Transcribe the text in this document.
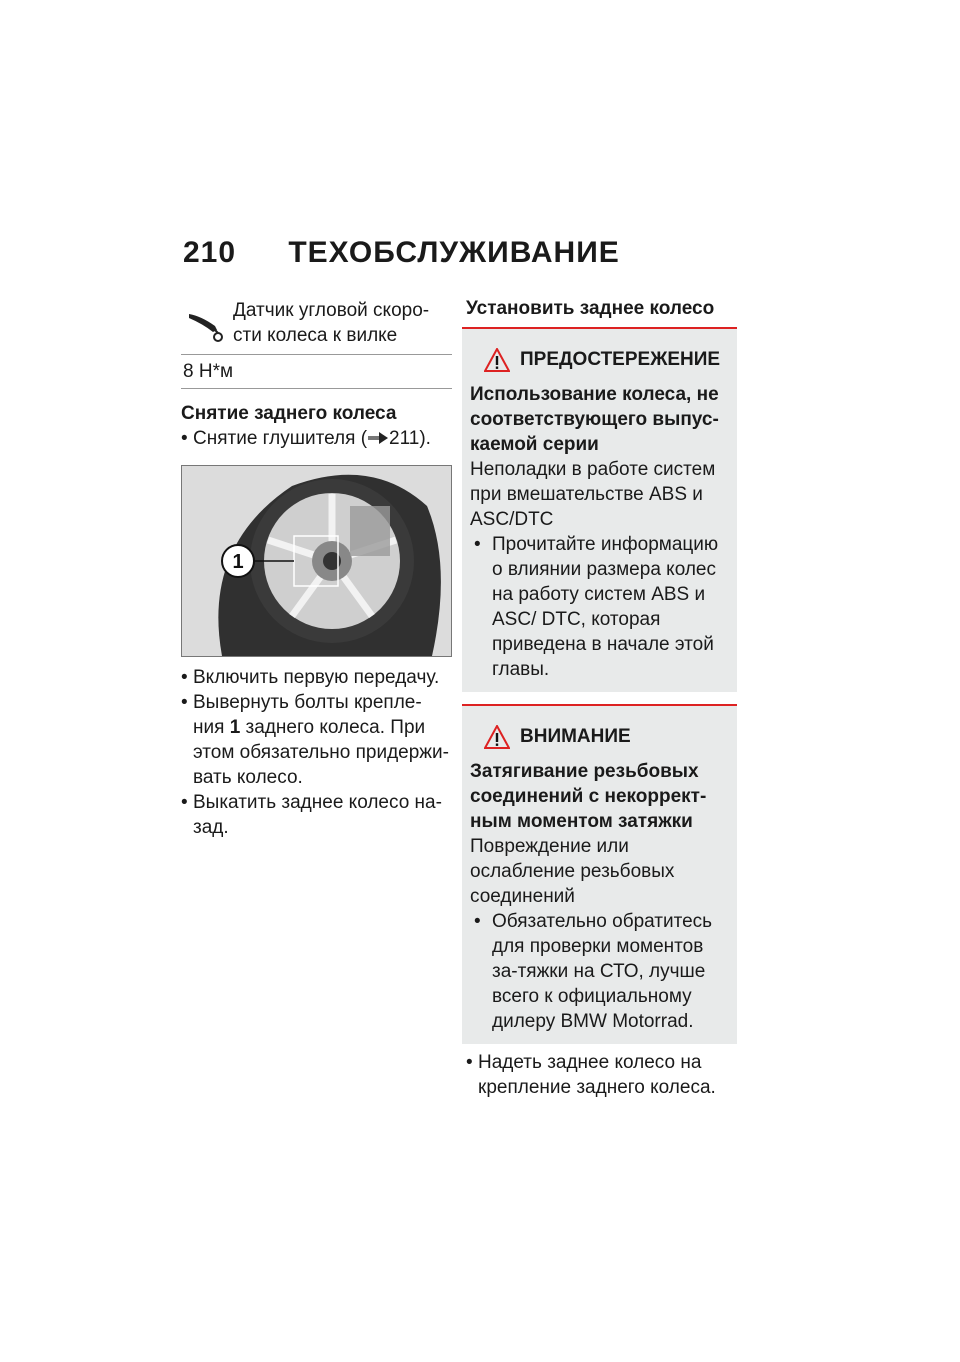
210 ТЕХОБСЛУЖИВАНИЕ
Датчик угловой скоро-сти колеса к вилке
8 Н*м
Снятие заднего колеса
• Снятие глушителя ( 211).
1
• Включить первую передачу.
• Вывернуть болты крепле-ния 1 заднего колеса. При этом обязательно придержи-вать колесо.
• Выкатить заднее колесо на-зад.
Установить заднее колесо
ПРЕДОСТЕРЕЖЕНИЕ
Использование колеса, не соответствующего выпус-каемой серии
Неполадки в работе систем при вмешательстве ABS и ASC/DTC
• Прочитайте информацию о влиянии размера колес на работу систем ABS и ASC/ DTC, которая приведена в начале этой главы.
ВНИМАНИЕ
Затягивание резьбовых соединений с некоррект-ным моментом затяжки
Повреждение или ослабление резьбовых соединений
• Обязательно обратитесь для проверки моментов за-тяжки на СТО, лучше всего к официальному дилеру BMW Motorrad.
• Надеть заднее колесо на крепление заднего колеса.
